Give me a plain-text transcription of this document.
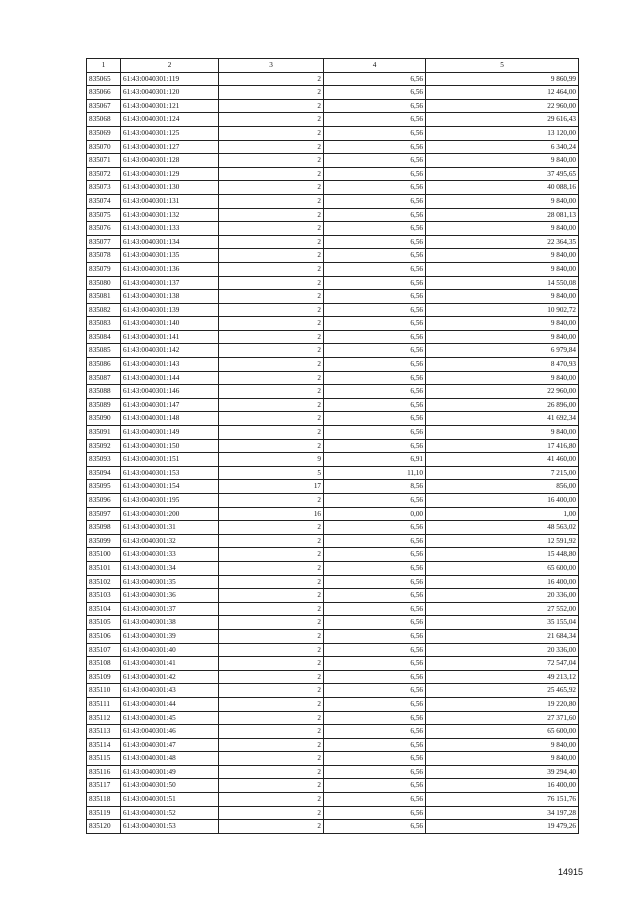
1	2	3	4	5
835065	61:43:0040301:119	2	6,56	9 860,99
835066	61:43:0040301:120	2	6,56	12 464,00
835067	61:43:0040301:121	2	6,56	22 960,00
835068	61:43:0040301:124	2	6,56	29 616,43
835069	61:43:0040301:125	2	6,56	13 120,00
835070	61:43:0040301:127	2	6,56	6 340,24
835071	61:43:0040301:128	2	6,56	9 840,00
835072	61:43:0040301:129	2	6,56	37 495,65
835073	61:43:0040301:130	2	6,56	40 088,16
835074	61:43:0040301:131	2	6,56	9 840,00
835075	61:43:0040301:132	2	6,56	28 081,13
835076	61:43:0040301:133	2	6,56	9 840,00
835077	61:43:0040301:134	2	6,56	22 364,35
835078	61:43:0040301:135	2	6,56	9 840,00
835079	61:43:0040301:136	2	6,56	9 840,00
835080	61:43:0040301:137	2	6,56	14 550,08
835081	61:43:0040301:138	2	6,56	9 840,00
835082	61:43:0040301:139	2	6,56	10 902,72
835083	61:43:0040301:140	2	6,56	9 840,00
835084	61:43:0040301:141	2	6,56	9 840,00
835085	61:43:0040301:142	2	6,56	6 979,84
835086	61:43:0040301:143	2	6,56	8 470,93
835087	61:43:0040301:144	2	6,56	9 840,00
835088	61:43:0040301:146	2	6,56	22 960,00
835089	61:43:0040301:147	2	6,56	26 896,00
835090	61:43:0040301:148	2	6,56	41 692,34
835091	61:43:0040301:149	2	6,56	9 840,00
835092	61:43:0040301:150	2	6,56	17 416,80
835093	61:43:0040301:151	9	6,91	41 460,00
835094	61:43:0040301:153	5	11,10	7 215,00
835095	61:43:0040301:154	17	8,56	856,00
835096	61:43:0040301:195	2	6,56	16 400,00
835097	61:43:0040301:200	16	0,00	1,00
835098	61:43:0040301:31	2	6,56	48 563,02
835099	61:43:0040301:32	2	6,56	12 591,92
835100	61:43:0040301:33	2	6,56	15 448,80
835101	61:43:0040301:34	2	6,56	65 600,00
835102	61:43:0040301:35	2	6,56	16 400,00
835103	61:43:0040301:36	2	6,56	20 336,00
835104	61:43:0040301:37	2	6,56	27 552,00
835105	61:43:0040301:38	2	6,56	35 155,04
835106	61:43:0040301:39	2	6,56	21 684,34
835107	61:43:0040301:40	2	6,56	20 336,00
835108	61:43:0040301:41	2	6,56	72 547,04
835109	61:43:0040301:42	2	6,56	49 213,12
835110	61:43:0040301:43	2	6,56	25 465,92
835111	61:43:0040301:44	2	6,56	19 220,80
835112	61:43:0040301:45	2	6,56	27 371,60
835113	61:43:0040301:46	2	6,56	65 600,00
835114	61:43:0040301:47	2	6,56	9 840,00
835115	61:43:0040301:48	2	6,56	9 840,00
835116	61:43:0040301:49	2	6,56	39 294,40
835117	61:43:0040301:50	2	6,56	16 400,00
835118	61:43:0040301:51	2	6,56	76 151,76
835119	61:43:0040301:52	2	6,56	34 197,28
835120	61:43:0040301:53	2	6,56	19 479,26
14915
